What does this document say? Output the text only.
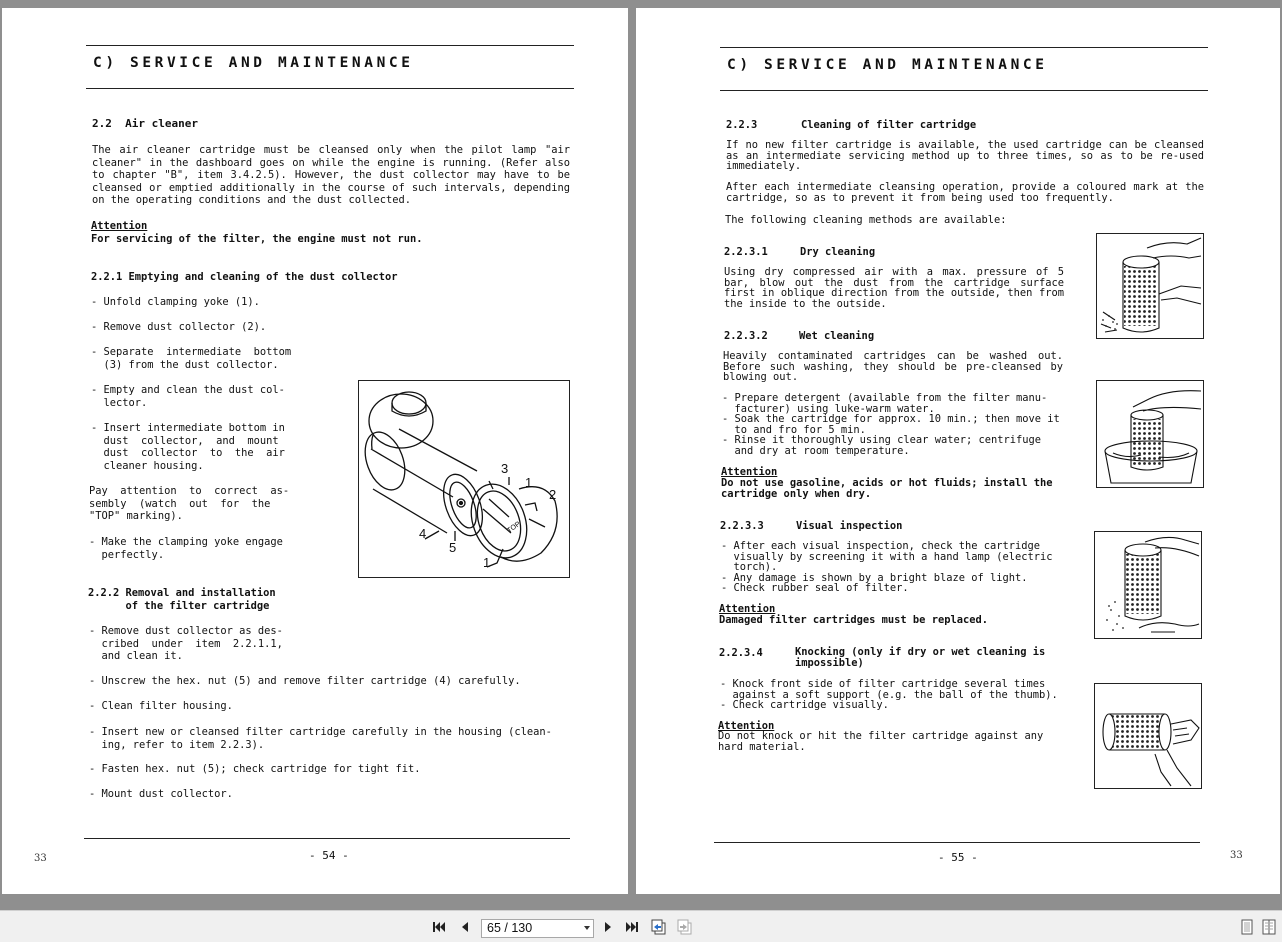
C) SERVICE AND MAINTENANCE
2.2  Air cleaner
The air cleaner cartridge must be cleansed only when the pilot lamp "air cleaner" in the dashboard goes on while the engine is running. (Refer also to chapter "B", item 3.4.2.5). However, the dust collector may have to be cleansed or emptied additionally in the course of such intervals, depending on the operating conditions and the dust collected.
Attention
For servicing of the filter, the engine must not run.
2.2.1 Emptying and cleaning of the dust collector
- Unfold clamping yoke (1).
- Remove dust collector (2).
- Separate  intermediate  bottom
(3) from the dust collector.
- Empty and clean the dust col-
lector.
- Insert intermediate bottom in
dust  collector,  and  mount
dust  collector  to  the  air
cleaner housing.
Pay  attention  to  correct  as-
sembly  (watch  out  for  the
"TOP" marking).
- Make the clamping yoke engage
perfectly.
TOP
3
1
2
4
5
1
2.2.2 Removal and installation
of the filter cartridge
- Remove dust collector as des-
cribed  under  item  2.2.1.1,
and clean it.
- Unscrew the hex. nut (5) and remove filter cartridge (4) carefully.
- Clean filter housing.
- Insert new or cleansed filter cartridge carefully in the housing (clean-
ing, refer to item 2.2.3).
- Fasten hex. nut (5); check cartridge for tight fit.
- Mount dust collector.
- 54 -
33
C) SERVICE AND MAINTENANCE
2.2.3	Cleaning of filter cartridge
If no new filter cartridge is available, the used cartridge can be cleansed as an intermediate servicing method up to three times, so as to be re-used immediately.
After each intermediate cleansing operation, provide a coloured mark at the cartridge, so as to prevent it from being used too frequently.
The following cleaning methods are available:
2.2.3.1	Dry cleaning
Using dry compressed air with a max. pressure of 5 bar, blow out the dust from the cartridge surface first in oblique direction from the outside, then from the inside to the outside.
2.2.3.2	Wet cleaning
Heavily contaminated cartridges can be washed out. Before such washing, they should be pre-cleansed by blowing out.
- Prepare detergent (available from the filter manu-
facturer) using luke-warm water.
- Soak the cartridge for approx. 10 min.; then move it
to and fro for 5 min.
- Rinse it thoroughly using clear water; centrifuge
and dry at room temperature.
Attention
Do not use gasoline, acids or hot fluids; install the
cartridge only when dry.
2.2.3.3	Visual inspection
- After each visual inspection, check the cartridge
visually by screening it with a hand lamp (electric
torch).
- Any damage is shown by a bright blaze of light.
- Check rubber seal of filter.
Attention
Damaged filter cartridges must be replaced.
2.2.3.4	Knocking (only if dry or wet cleaning is
impossible)
- Knock front side of filter cartridge several times
against a soft support (e.g. the ball of the thumb).
- Check cartridge visually.
Attention
Do not knock or hit the filter cartridge against any
hard material.
- 55 -	33
65 / 130
